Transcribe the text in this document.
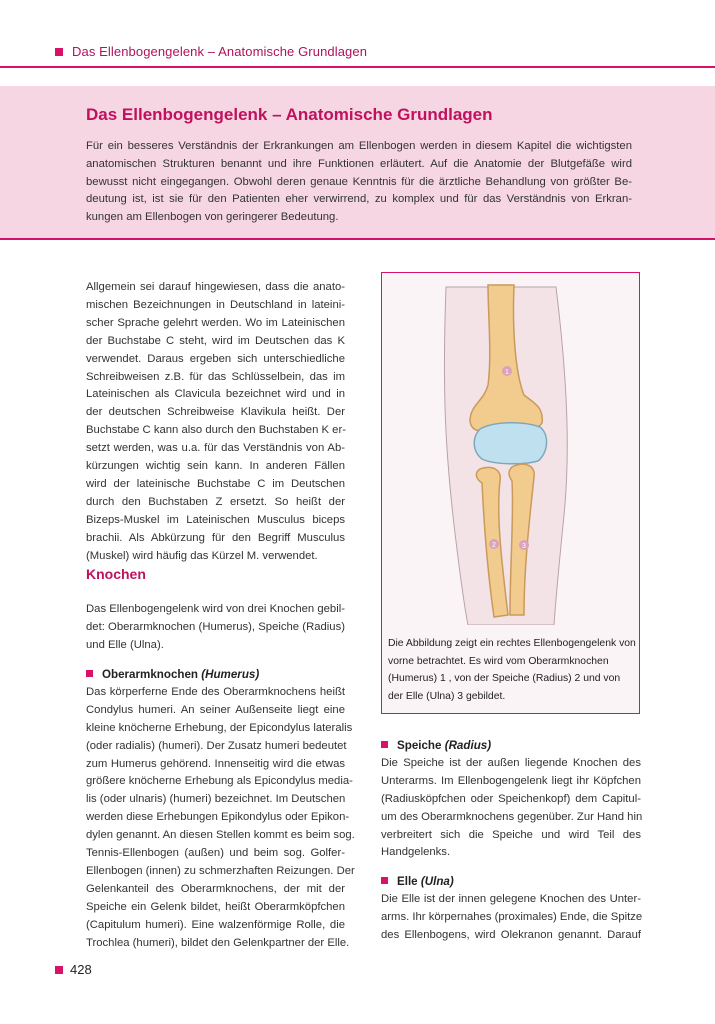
Das Ellenbogengelenk – Anatomische Grundlagen
Das Ellenbogengelenk – Anatomische Grundlagen
Für ein besseres Verständnis der Erkrankungen am Ellenbogen werden in diesem Kapitel die wichtigsten
anatomischen Strukturen benannt und ihre Funktionen erläutert. Auf die Anatomie der Blutgefäße wird
bewusst nicht eingegangen. Obwohl deren genaue Kenntnis für die ärztliche Behandlung von größter Be-
deutung ist, ist sie für den Patienten eher verwirrend, zu komplex und für das Verständnis von Erkran-
kungen am Ellenbogen von geringerer Bedeutung.
Allgemein sei darauf hingewiesen, dass die anato-
mischen Bezeichnungen in Deutschland in lateini-
scher Sprache gelehrt werden. Wo im Lateinischen
der Buchstabe C steht, wird im Deutschen das K
verwendet. Daraus ergeben sich unterschiedliche
Schreibweisen z.B. für das Schlüsselbein, das im
Lateinischen als Clavicula bezeichnet wird und in
der deutschen Schreibweise Klavikula heißt. Der
Buchstabe C kann also durch den Buchstaben K er-
setzt werden, was u.a. für das Verständnis von Ab-
kürzungen wichtig sein kann. In anderen Fällen
wird der lateinische Buchstabe C im Deutschen
durch den Buchstaben Z ersetzt. So heißt der
Bizeps-Muskel im Lateinischen Musculus biceps
brachii. Als Abkürzung für den Begriff Musculus
(Muskel) wird häufig das Kürzel M. verwendet.
Knochen
Das Ellenbogengelenk wird von drei Knochen gebil-
det: Oberarmknochen (Humerus), Speiche (Radius)
und Elle (Ulna).
Oberarmknochen (Humerus)
Das körperferne Ende des Oberarmknochens heißt
Condylus humeri. An seiner Außenseite liegt eine
kleine knöcherne Erhebung, der Epicondylus lateralis
(oder radialis) (humeri). Der Zusatz humeri bedeutet
zum Humerus gehörend. Innenseitig wird die etwas
größere knöcherne Erhebung als Epicondylus media-
lis (oder ulnaris) (humeri) bezeichnet. Im Deutschen
werden diese Erhebungen Epikondylus oder Epikon-
dylen genannt. An diesen Stellen kommt es beim sog.
Tennis-Ellenbogen (außen) und beim sog. Golfer-
Ellenbogen (innen) zu schmerzhaften Reizungen. Der
Gelenkanteil des Oberarmknochens, der mit der
Speiche ein Gelenk bildet, heißt Oberarmköpfchen
(Capitulum humeri). Eine walzenförmige Rolle, die
Trochlea (humeri), bildet den Gelenkpartner der Elle.
1
2	3
Die Abbildung zeigt ein rechtes Ellenbogengelenk von
vorne betrachtet. Es wird vom Oberarmknochen
(Humerus) 1 , von der Speiche (Radius) 2 und von
der Elle (Ulna) 3 gebildet.
Speiche (Radius)
Die Speiche ist der außen liegende Knochen des
Unterarms. Im Ellenbogengelenk liegt ihr Köpfchen
(Radiusköpfchen oder Speichenkopf) dem Capitul-
um des Oberarmknochens gegenüber. Zur Hand hin
verbreitert sich die Speiche und wird Teil des
Handgelenks.
Elle (Ulna)
Die Elle ist der innen gelegene Knochen des Unter-
arms. Ihr körpernahes (proximales) Ende, die Spitze
des Ellenbogens, wird Olekranon genannt. Darauf
428
